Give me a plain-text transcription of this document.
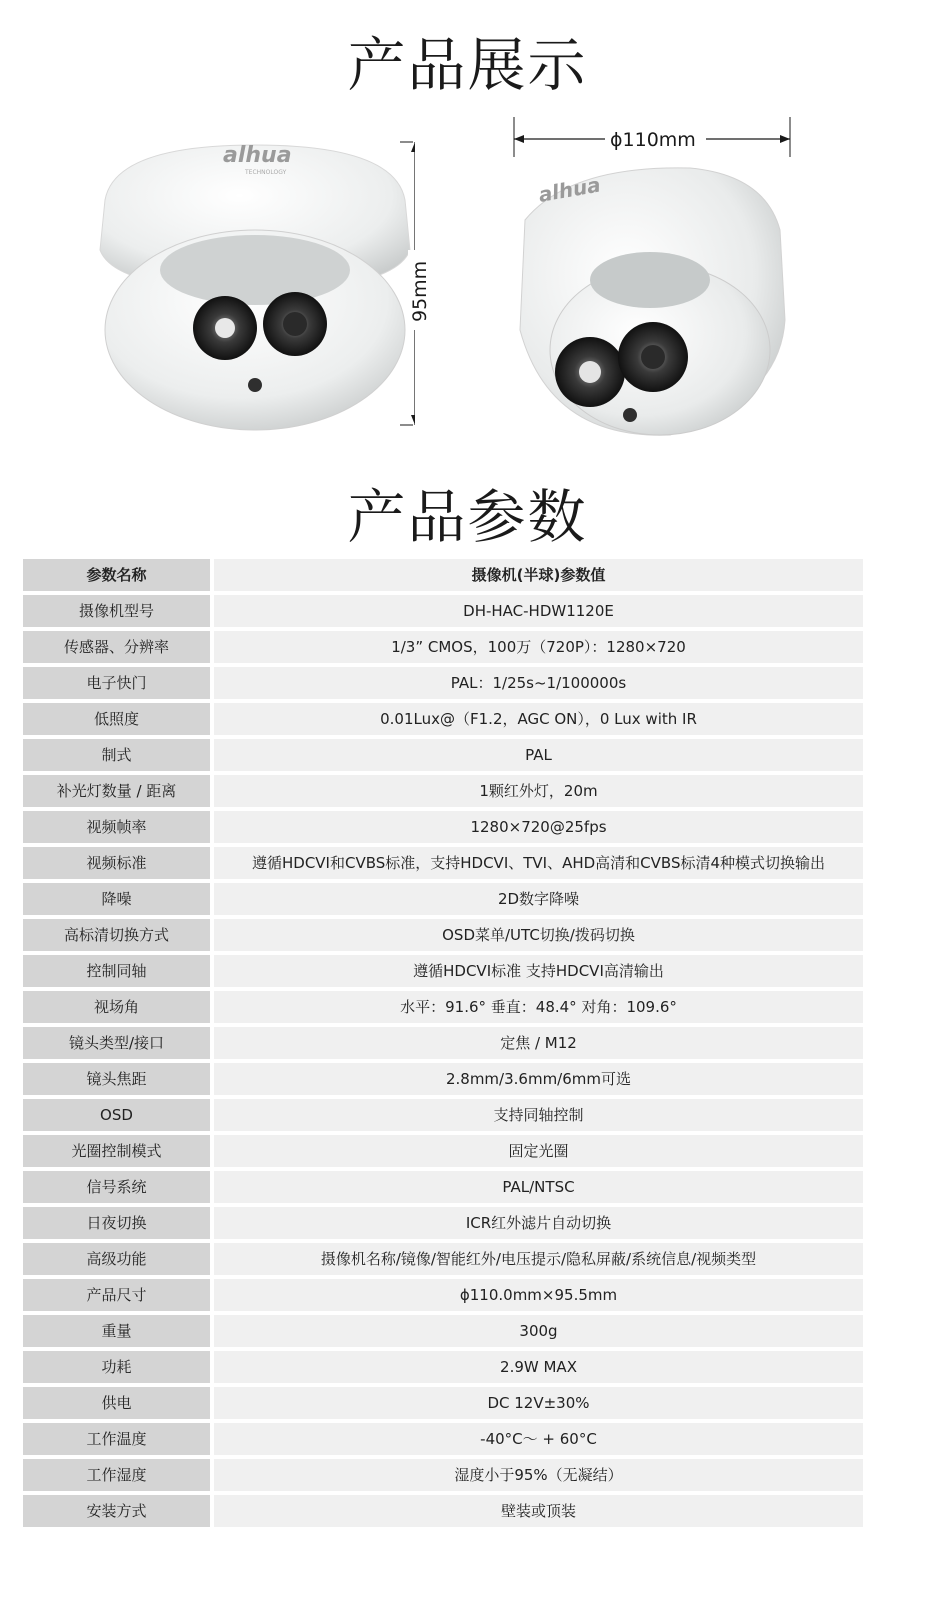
产品展示
alhua
TECHNOLOGY
95mm
ɸ110mm
alhua
产品参数
参数名称		摄像机(半球)参数值
摄像机型号		DH-HAC-HDW1120E
传感器、分辨率		1/3” CMOS，100万（720P）：1280×720
电子快门		PAL：1/25s~1/100000s
低照度		0.01Lux@（F1.2，AGC ON），0 Lux with IR
制式		PAL
补光灯数量 / 距离		1颗红外灯，20m
视频帧率		1280×720@25fps
视频标准		遵循HDCVI和CVBS标准，支持HDCVI、TVI、AHD高清和CVBS标清4种模式切换输出
降噪		2D数字降噪
高标清切换方式		OSD菜单/UTC切换/拨码切换
控制同轴		遵循HDCVI标准 支持HDCVI高清输出
视场角		水平：91.6° 垂直：48.4° 对角：109.6°
镜头类型/接口		定焦 / M12
镜头焦距		2.8mm/3.6mm/6mm可选
OSD		支持同轴控制
光圈控制模式		固定光圈
信号系统		PAL/NTSC
日夜切换		ICR红外滤片自动切换
高级功能		摄像机名称/镜像/智能红外/电压提示/隐私屏蔽/系统信息/视频类型
产品尺寸		ɸ110.0mm×95.5mm
重量		300g
功耗		2.9W MAX
供电		DC 12V±30%
工作温度		-40°C～ + 60°C
工作湿度		湿度小于95%（无凝结）
安装方式		壁装或顶装
